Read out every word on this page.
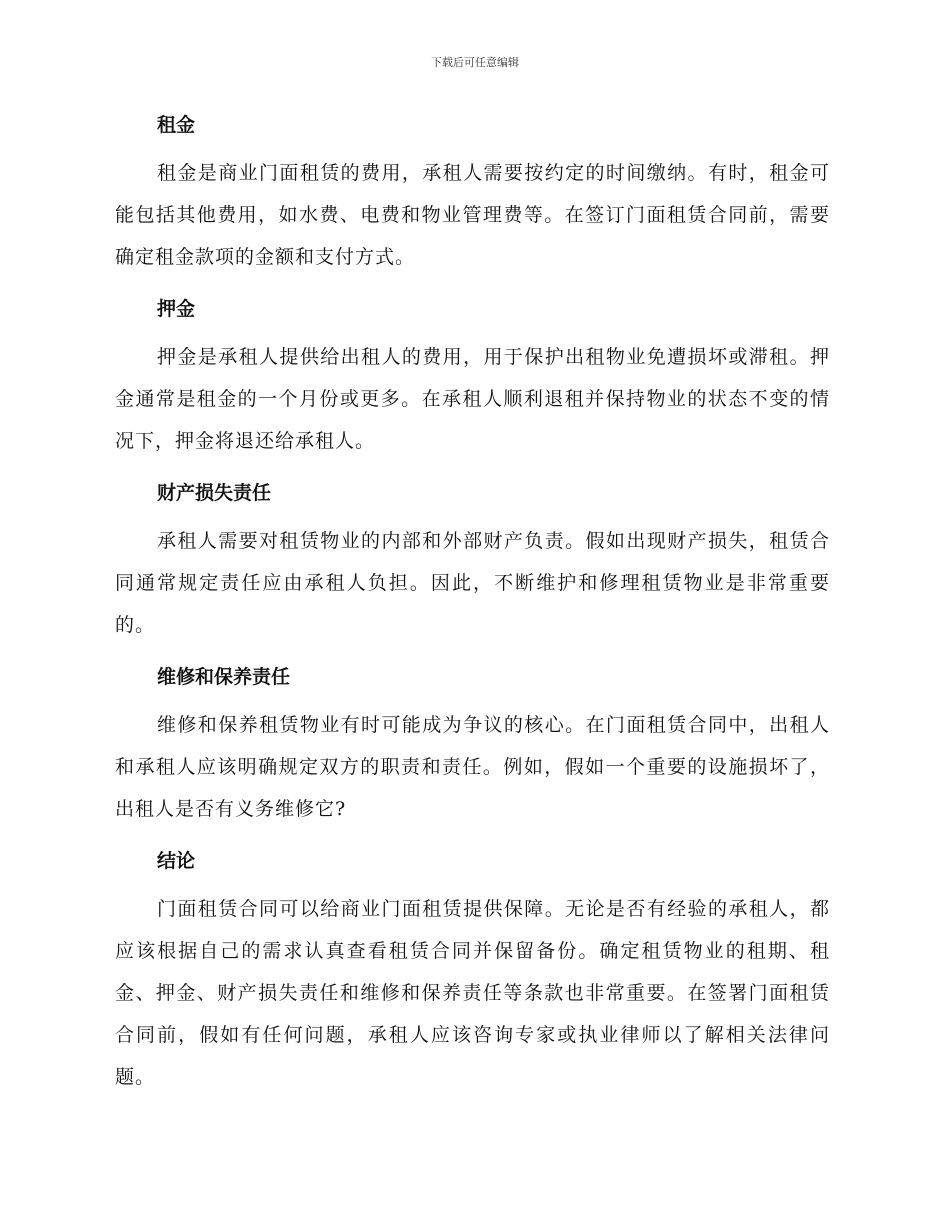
下载后可任意编辑
租金

租金是商业门面租赁的费用，承租人需要按约定的时间缴纳。有时，租金可能包括其他费用，如水费、电费和物业管理费等。在签订门面租赁合同前，需要确定租金款项的金额和支付方式。

押金

押金是承租人提供给出租人的费用，用于保护出租物业免遭损坏或滞租。押金通常是租金的一个月份或更多。在承租人顺利退租并保持物业的状态不变的情况下，押金将退还给承租人。

财产损失责任

承租人需要对租赁物业的内部和外部财产负责。假如出现财产损失，租赁合同通常规定责任应由承租人负担。因此，不断维护和修理租赁物业是非常重要的。

维修和保养责任

维修和保养租赁物业有时可能成为争议的核心。在门面租赁合同中，出租人和承租人应该明确规定双方的职责和责任。例如，假如一个重要的设施损坏了，出租人是否有义务维修它?

结论

门面租赁合同可以给商业门面租赁提供保障。无论是否有经验的承租人，都应该根据自己的需求认真查看租赁合同并保留备份。确定租赁物业的租期、租金、押金、财产损失责任和维修和保养责任等条款也非常重要。在签署门面租赁合同前，假如有任何问题，承租人应该咨询专家或执业律师以了解相关法律问题。
